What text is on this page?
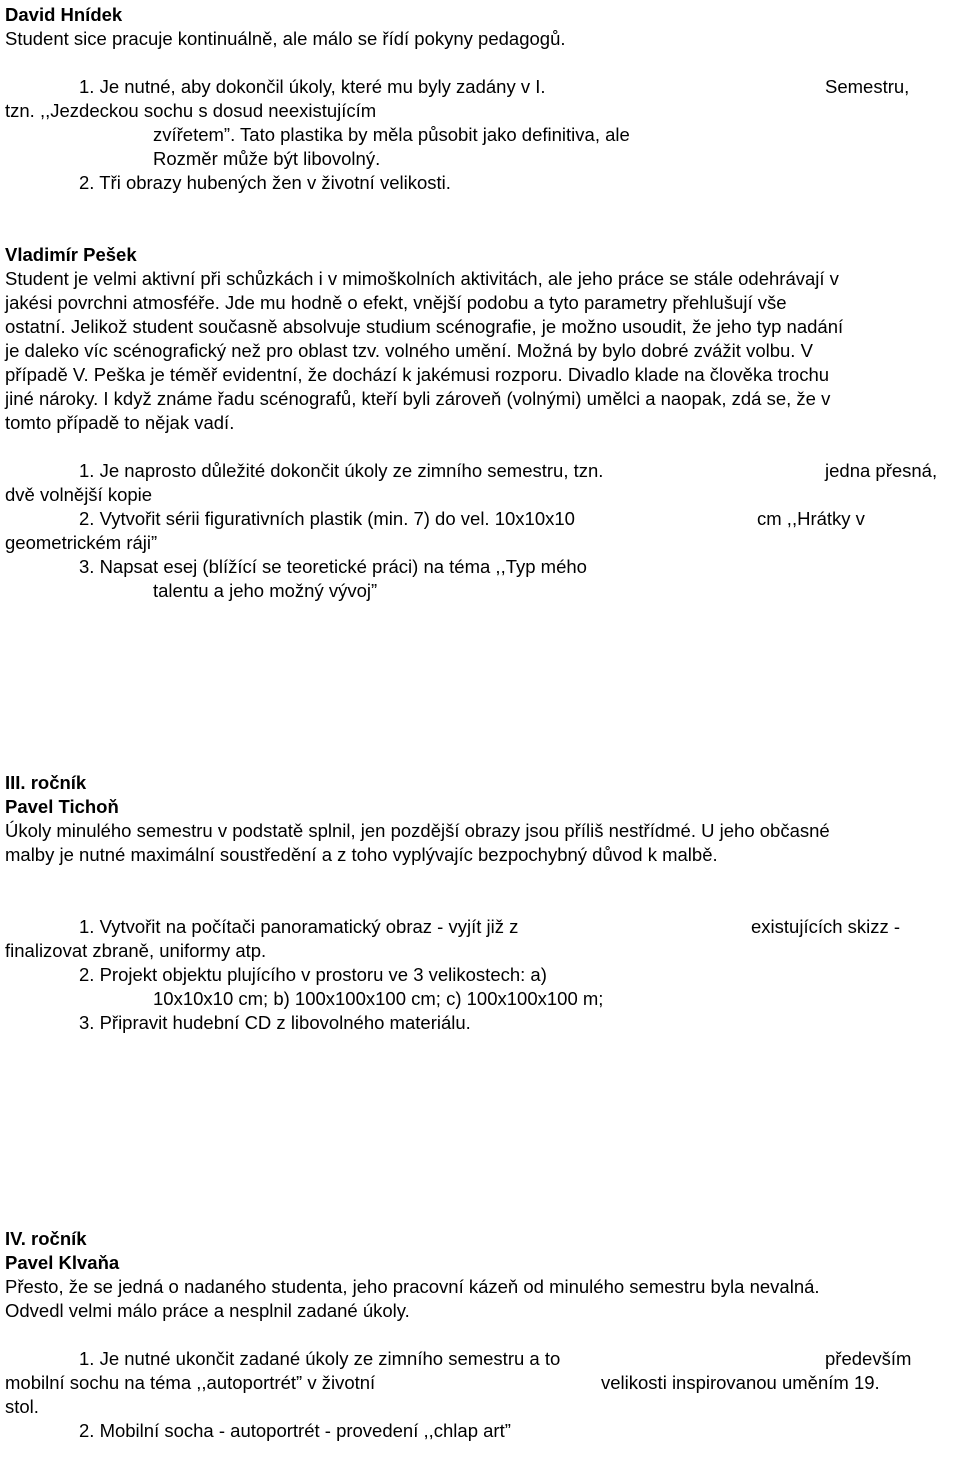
David Hnídek
Student sice pracuje kontinuálně, ale málo se řídí pokyny pedagogů.
1. Je nutné, aby dokončil úkoly, které mu byly zadány v I.	Semestru,
tzn. ,,Jezdeckou sochu s dosud neexistujícím
zvířetem”. Tato plastika by měla působit jako definitiva, ale
Rozměr může být libovolný.
2. Tři obrazy hubených žen v životní velikosti.
Vladimír Pešek
Student je velmi aktivní při schůzkách i v mimoškolních aktivitách, ale jeho práce se stále odehrávají v
jakési povrchni atmosféře. Jde mu hodně o efekt, vnější podobu a tyto parametry přehlušují vše
ostatní. Jelikož student současně absolvuje studium scénografie, je možno usoudit, že jeho typ nadání
je daleko víc scénografický než pro oblast tzv. volného umění. Možná by bylo dobré zvážit volbu. V
případě V. Peška je téměř evidentní, že dochází k jakémusi rozporu. Divadlo klade na člověka trochu
jiné nároky. I když známe řadu scénografů, kteří byli zároveň (volnými) umělci a naopak, zdá se, že v
tomto případě to nějak vadí.
1. Je naprosto důležité dokončit úkoly ze zimního semestru, tzn.	jedna přesná,
dvě volnější kopie
2. Vytvořit sérii figurativních plastik (min. 7) do vel. 10x10x10	cm ,,Hrátky v
geometrickém ráji”
3. Napsat esej (blížící se teoretické práci) na téma ,,Typ mého
talentu a jeho možný vývoj”
III. ročník
Pavel Tichoň
Úkoly minulého semestru v podstatě splnil, jen pozdější obrazy jsou příliš nestřídmé. U jeho občasné
malby je nutné maximální soustředění a z toho vyplývajíc bezpochybný důvod k malbě.
1. Vytvořit na počítači panoramatický obraz - vyjít již z	existujících skizz -
finalizovat zbraně, uniformy atp.
2. Projekt objektu plujícího v prostoru ve 3 velikostech: a)
10x10x10 cm; b) 100x100x100 cm; c) 100x100x100 m;
3. Připravit hudební CD z libovolného materiálu.
IV. ročník
Pavel Klvaňa
Přesto, že se jedná o nadaného studenta, jeho pracovní kázeň od minulého semestru byla nevalná.
Odvedl velmi málo práce a nesplnil zadané úkoly.
1. Je nutné ukončit zadané úkoly ze zimního semestru a to	především
mobilní sochu na téma ,,autoportrét” v životní	velikosti inspirovanou uměním 19.
stol.
2. Mobilní socha - autoportrét - provedení ,,chlap art”
